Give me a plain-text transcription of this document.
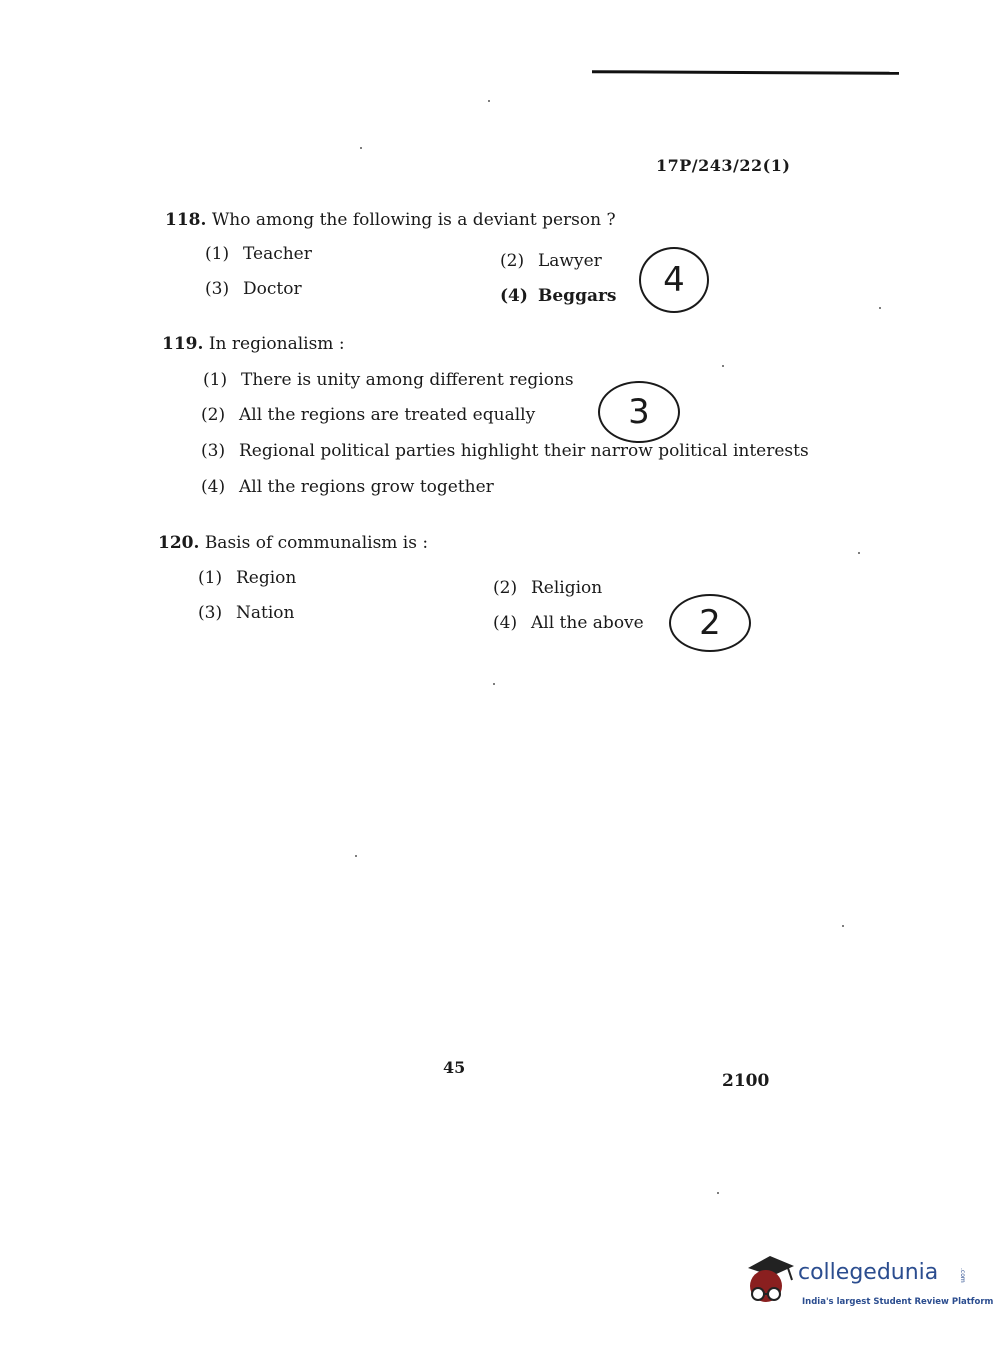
17P/243/22(1)
118. Who among the following is a deviant person ?
(1) Teacher	(2) Lawyer
(3) Doctor	(4) Beggars 4
119. In regionalism :
(1) There is unity among different regions
(2) All the regions are treated equally
(3) Regional political parties highlight their narrow political interests
(4) All the regions grow together
3
120. Basis of communalism is :
(1) Region	(2) Religion
(3) Nation	(4) All the above 2
45
2100
collegedunia	.com
India's largest Student Review Platform
